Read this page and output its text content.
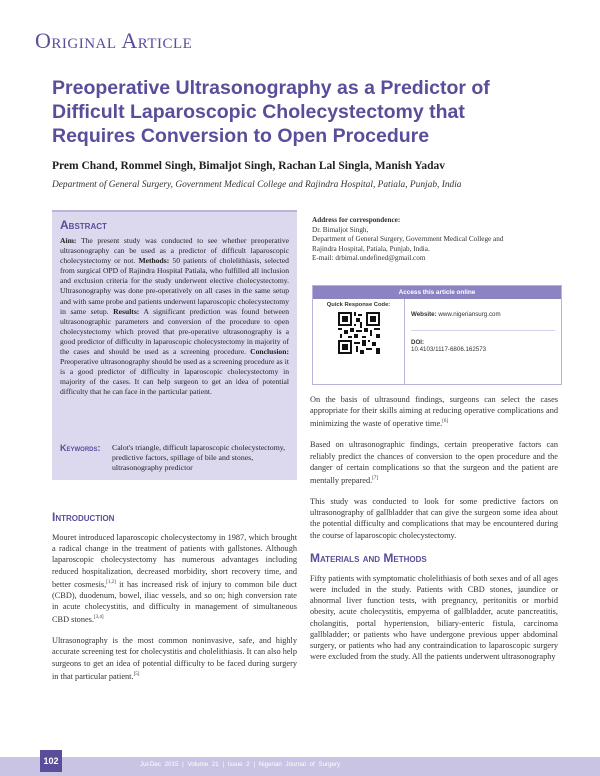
Original Article
Preoperative Ultrasonography as a Predictor of Difficult Laparoscopic Cholecystectomy that Requires Conversion to Open Procedure
Prem Chand, Rommel Singh, Bimaljot Singh, Rachan Lal Singla, Manish Yadav
Department of General Surgery, Government Medical College and Rajindra Hospital, Patiala, Punjab, India
Abstract
Aim: The present study was conducted to see whether preoperative ultrasonography can be used as a predictor of difficult laparoscopic cholecystectomy or not. Methods: 50 patients of cholelithiasis, selected from surgical OPD of Rajindra Hospital Patiala, who fulfilled all inclusion and exclusion criteria for the study underwent elective cholecystectomy. Ultrasonography was done pre-operatively on all cases in the same setup and with same probe and patients underwent laparoscopic cholecystectomy in same setup. Results: A significant prediction was found between ultrasonographic parameters and conversion of the procedure to open cholecystectomy which proved that pre-operative ultrasonography is a good predictor of difficulty in laparoscopic cholecystectomy in majority of the cases and should be used as a screening procedure. Conclusion: Preoperative ultrasonography should be used as a screening procedure as it is a good predictor of difficulty in laparoscopic cholecystectomy in majority of the cases. It can help surgeon to get an idea of potential difficulty that he can face in the particular patient.
Keywords:	Calot's triangle, difficult laparoscopic cholecystectomy, predictive factors, spillage of bile and stones, ultrasonography predictor
Address for correspondence:
Dr. Bimaljot Singh,
Department of General Surgery, Government Medical College and
Rajindra Hospital, Patiala, Punjab, India.
E-mail: drbimal.undefined@gmail.com
Access this article online
Quick Response Code:
Website: www.nigeriansurg.com
DOI:
10.4103/1117-6806.162573
Introduction

Mouret introduced laparoscopic cholecystectomy in 1987, which brought a radical change in the treatment of patients with gallstones. Although laparoscopic cholecystectomy has numerous advantages including reduced hospitalization, decreased morbidity, short recovery time, and better cosmesis,[1,2] it has increased risk of injury to common bile duct (CBD), duodenum, bowel, iliac vessels, and so on; high conversion rate in acute cholecystitis, and difficulty in management of simultaneous CBD stones.[3,4]

Ultrasonography is the most common noninvasive, safe, and highly accurate screening test for cholecystitis and cholelithiasis. It can also help surgeons to get an idea of potential difficulty to be faced during surgery in that particular patient.[5]

On the basis of ultrasound findings, surgeons can select the cases appropriate for their skills aiming at reducing operative complications and minimizing the waste of operative time.[6]

Based on ultrasonographic findings, certain preoperative factors can reliably predict the chances of conversion to the open procedure and the danger of certain complications so that the surgeon and the patient are mentally prepared.[7]

This study was conducted to look for some predictive factors on ultrasonography of gallbladder that can give the surgeon some idea about the potential difficulty and complications that may be encountered during the course of laparoscopic cholecystectomy.

Materials and Methods

Fifty patients with symptomatic cholelithiasis of both sexes and of all ages were included in the study. Patients with CBD stones, jaundice or abnormal liver function tests, with pregnancy, peritonitis or morbid obesity, acute cholecystitis, empyema of gallbladder, acute pancreatitis, cholangitis, portal hypertension, biliary-enteric fistula, carcinoma gallbladder; or patients who have undergone previous upper abdominal surgery, or patients who had any contraindication to laparoscopic surgery were excluded from the study. All the patients underwent ultrasonography

102	Jul-Dec 2015 | Volume 21 | Issue 2 | Nigerian Journal of Surgery
